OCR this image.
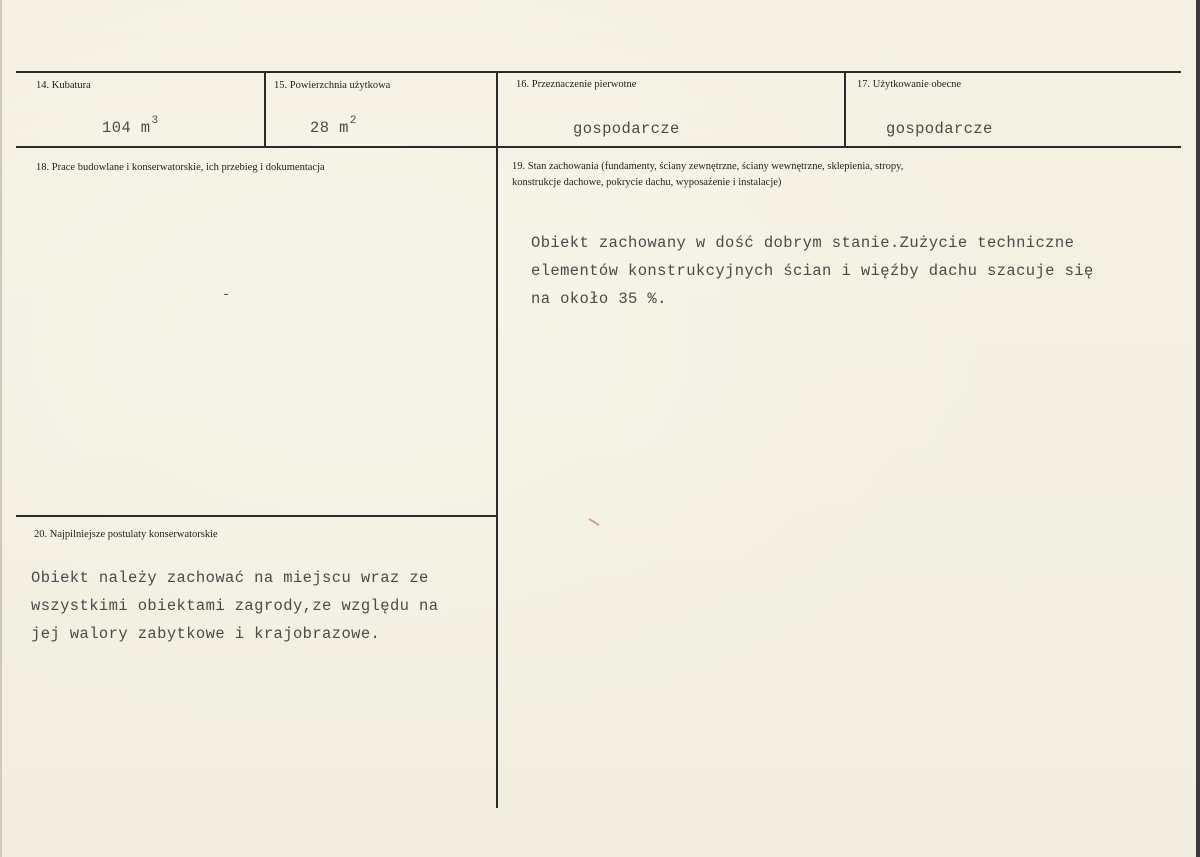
14. Kubatura
104 $m^3$
15. Powierzchnia użytkowa
28 $m^2$
16. Przeznaczenie pierwotne
gospodarcze
17. Użytkowanie obecne
gospodarcze
18. Prace budowlane i konserwatorskie, ich przebieg i dokumentacja
-
19. Stan zachowania (fundamenty, ściany zewnętrzne, ściany wewnętrzne, sklepienia, stropy,
konstrukcje dachowe, pokrycie dachu, wyposażenie i instalacje)
Obiekt zachowany w dość dobrym stanie.Zużycie techniczne
elementów konstrukcyjnych ścian i więźby dachu szacuje się
na około 35 %.
20. Najpilniejsze postulaty konserwatorskie
Obiekt należy zachować na miejscu wraz ze
wszystkimi obiektami zagrody,ze względu na
jej walory zabytkowe i krajobrazowe.
